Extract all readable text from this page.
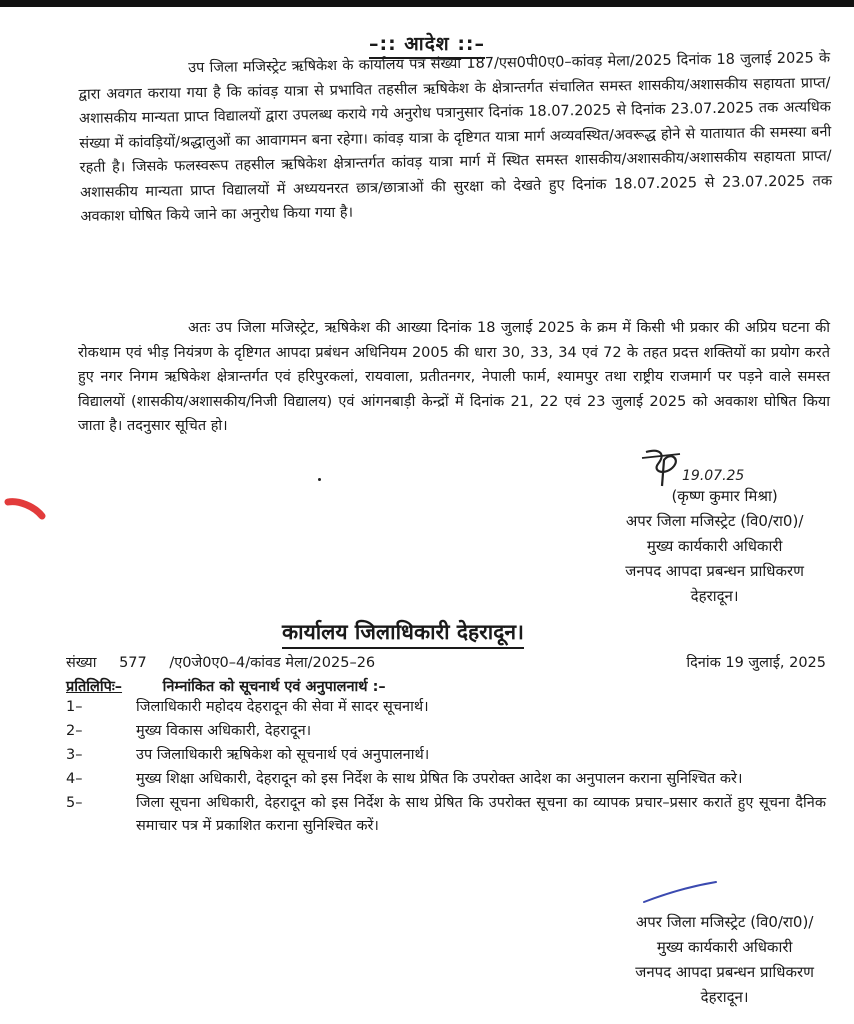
–:: आदेश ::–
उप जिला मजिस्ट्रेट ऋषिकेश के कार्यालय पत्र संख्या 187/एस0पी0ए0–कांवड़ मेला/2025 दिनांक 18 जुलाई 2025 के द्वारा अवगत कराया गया है कि कांवड़ यात्रा से प्रभावित तहसील ऋषिकेश के क्षेत्रान्तर्गत संचालित समस्त शासकीय/अशासकीय सहायता प्राप्त/अशासकीय मान्यता प्राप्त विद्यालयों द्वारा उपलब्ध कराये गये अनुरोध पत्रानुसार दिनांक 18.07.2025 से दिनांक 23.07.2025 तक अत्यधिक संख्या में कांवड़ियों/श्रद्धालुओं का आवागमन बना रहेगा। कांवड़ यात्रा के दृष्टिगत यात्रा मार्ग अव्यवस्थित/अवरूद्ध होने से यातायात की समस्या बनी रहती है। जिसके फलस्वरूप तहसील ऋषिकेश क्षेत्रान्तर्गत कांवड़ यात्रा मार्ग में स्थित समस्त शासकीय/अशासकीय/अशासकीय सहायता प्राप्त/अशासकीय मान्यता प्राप्त विद्यालयों में अध्ययनरत छात्र/छात्राओं की सुरक्षा को देखते हुए दिनांक 18.07.2025 से 23.07.2025 तक अवकाश घोषित किये जाने का अनुरोध किया गया है।
अतः उप जिला मजिस्ट्रेट, ऋषिकेश की आख्या दिनांक 18 जुलाई 2025 के क्रम में किसी भी प्रकार की अप्रिय घटना की रोकथाम एवं भीड़ नियंत्रण के दृष्टिगत आपदा प्रबंधन अधिनियम 2005 की धारा 30, 33, 34 एवं 72 के तहत प्रदत्त शक्तियों का प्रयोग करते हुए नगर निगम ऋषिकेश क्षेत्रान्तर्गत एवं हरिपुरकलां, रायवाला, प्रतीतनगर, नेपाली फार्म, श्यामपुर तथा राष्ट्रीय राजमार्ग पर पड़ने वाले समस्त विद्यालयों (शासकीय/अशासकीय/निजी विद्यालय) एवं आंगनबाड़ी केन्द्रों में दिनांक 21, 22 एवं 23 जुलाई 2025 को अवकाश घोषित किया जाता है। तदनुसार सूचित हो।
19.07.25
(कृष्ण कुमार मिश्रा)
अपर जिला मजिस्ट्रेट (वि0/रा0)/
मुख्य कार्यकारी अधिकारी
जनपद आपदा प्रबन्धन प्राधिकरण
देहरादून।
कार्यालय जिलाधिकारी देहरादून।
संख्या 577 /ए0जे0ए0–4/कांवड मेला/2025–26	दिनांक 19 जुलाई, 2025
प्रतिलिपिः–	निम्नांकित को सूचनार्थ एवं अनुपालनार्थ :–
1–	जिलाधिकारी महोदय देहरादून की सेवा में सादर सूचनार्थ।
2–	मुख्य विकास अधिकारी, देहरादून।
3–	उप जिलाधिकारी ऋषिकेश को सूचनार्थ एवं अनुपालनार्थ।
4–	मुख्य शिक्षा अधिकारी, देहरादून को इस निर्देश के साथ प्रेषित कि उपरोक्त आदेश का अनुपालन कराना सुनिश्चित करे।
5–	जिला सूचना अधिकारी, देहरादून को इस निर्देश के साथ प्रेषित कि उपरोक्त सूचना का व्यापक प्रचार–प्रसार करातें हुए सूचना दैनिक समाचार पत्र में प्रकाशित कराना सुनिश्चित करें।
अपर जिला मजिस्ट्रेट (वि0/रा0)/
मुख्य कार्यकारी अधिकारी
जनपद आपदा प्रबन्धन प्राधिकरण
देहरादून।
